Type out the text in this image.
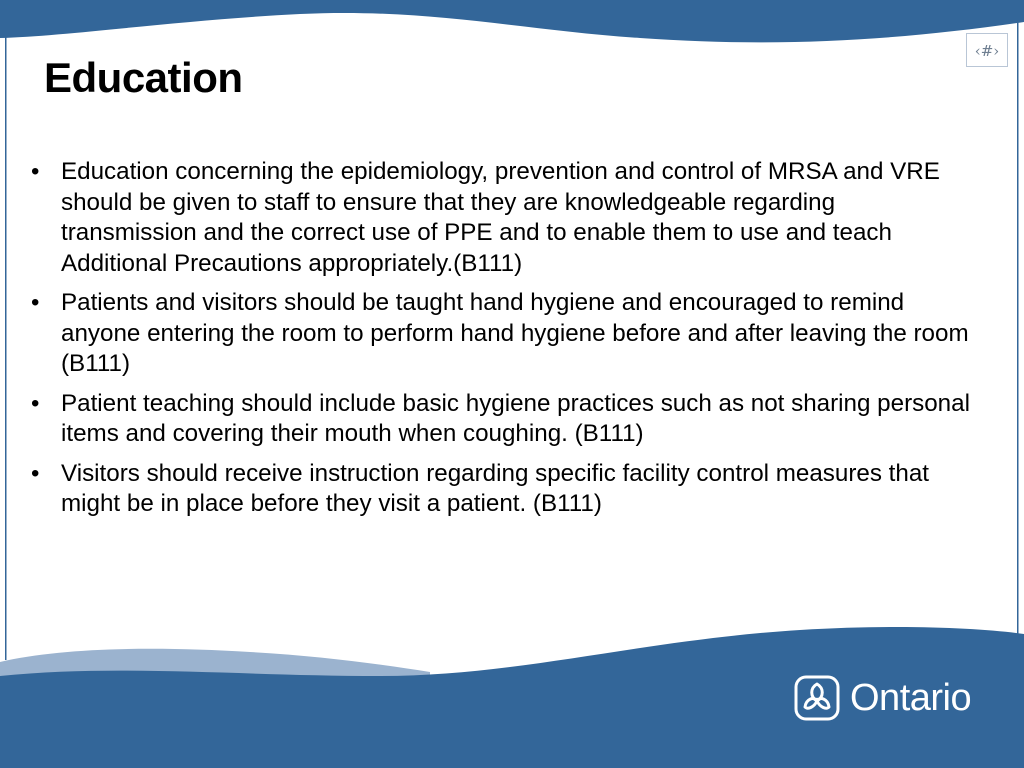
‹#›
Education
• Education concerning the epidemiology, prevention and control of MRSA and VRE should be given to staff to ensure that they are knowledgeable regarding transmission and the correct use of PPE and to enable them to use and teach Additional Precautions appropriately.(B111)
• Patients and visitors should be taught hand hygiene and encouraged to remind anyone entering the room to perform hand hygiene before and after leaving the room (B111)
• Patient teaching should include basic hygiene practices such as not sharing personal items and covering their mouth when coughing. (B111)
• Visitors should receive instruction regarding specific facility control measures that might be in place before they visit a patient. (B111)
Ontario
